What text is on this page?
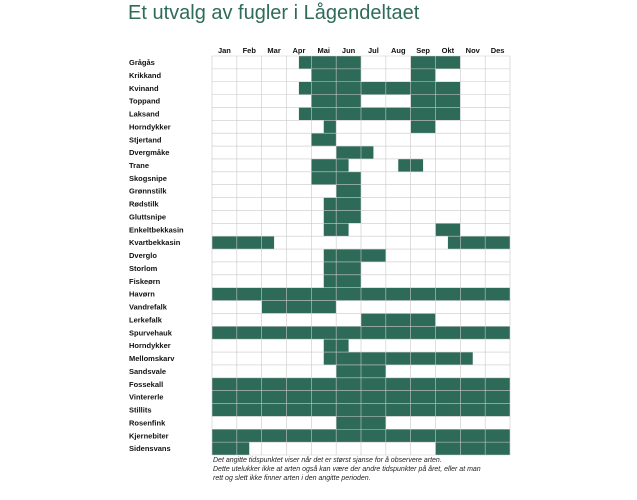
Et utvalg av fugler i Lågendeltaet
Jan Feb Mar Apr Mai Jun Jul Aug Sep Okt Nov Des
Grågås
Krikkand
Kvinand
Toppand
Laksand
Horndykker
Stjertand
Dvergmåke
Trane
Skogsnipe
Grønnstilk
Rødstilk
Gluttsnipe
Enkeltbekkasin
Kvartbekkasin
Dverglo
Storlom
Fiskeørn
Havørn
Vandrefalk
Lerkefalk
Spurvehauk
Horndykker
Mellomskarv
Sandsvale
Fossekall
Vintererle
Stillits
Rosenfink
Kjernebiter
Sidensvans
Det angitte tidspunktet viser når det er størst sjanse for å observere arten.
Dette utelukker ikke at arten også kan være der andre tidspunkter på året, eller at man
rett og slett ikke finner arten i den angitte perioden.
